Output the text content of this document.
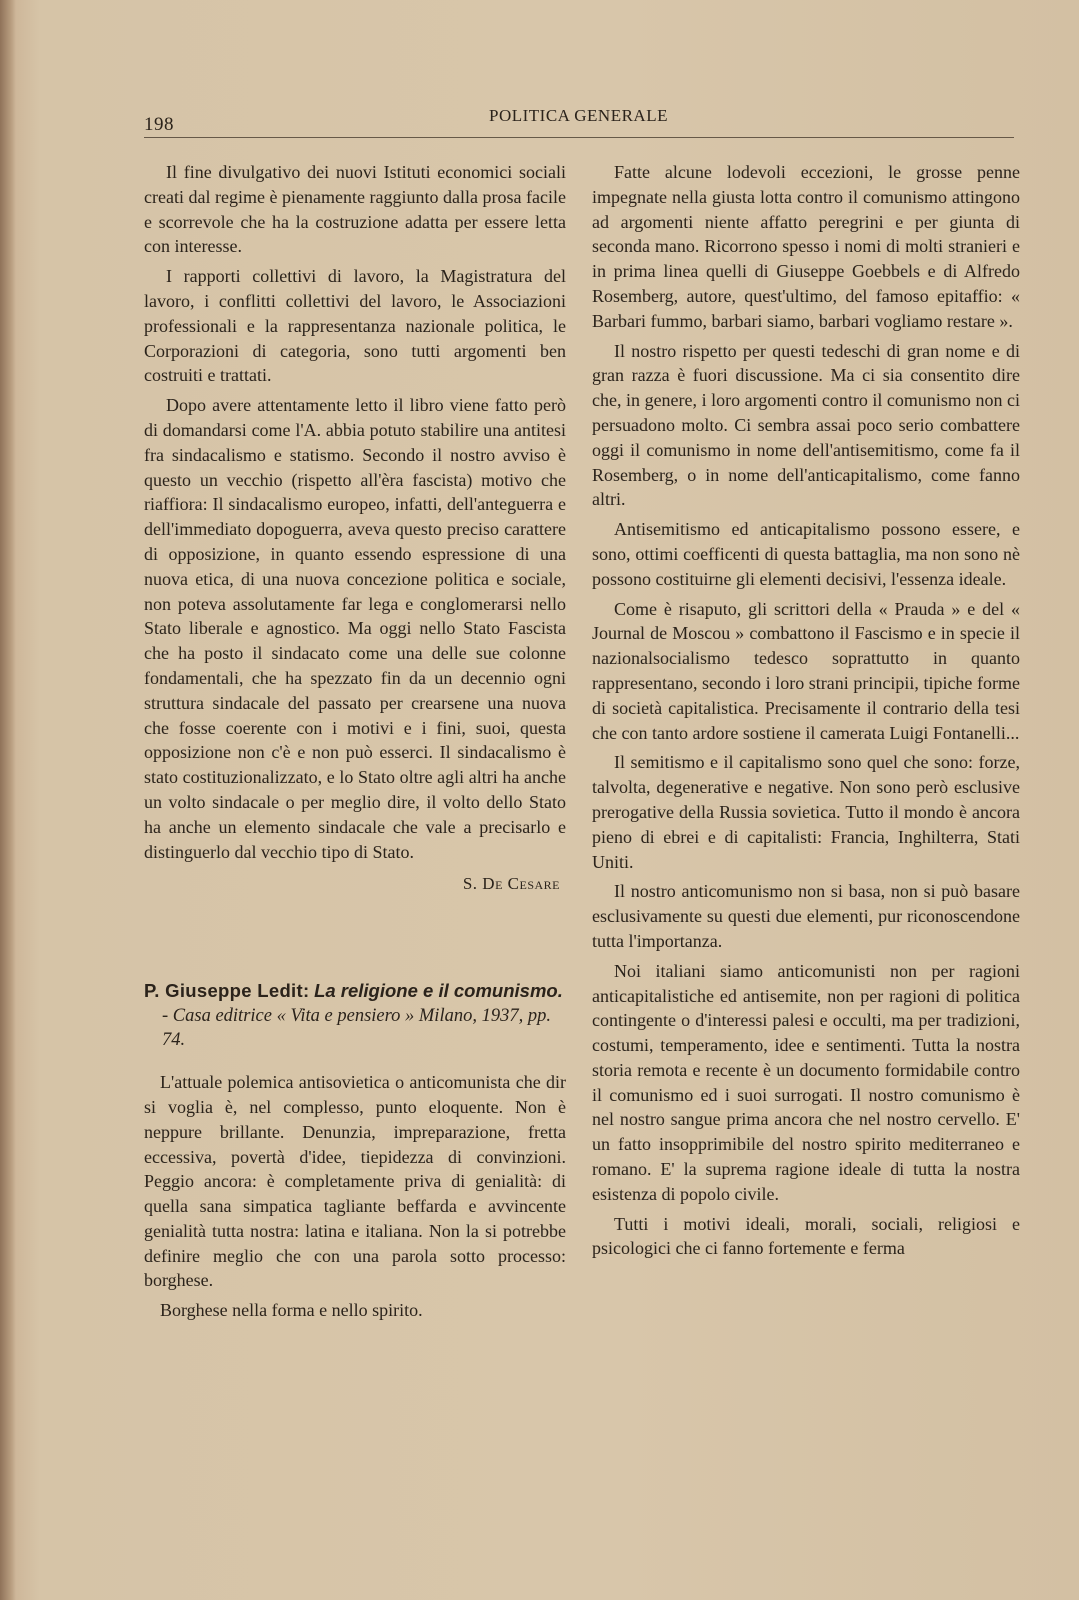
198	POLITICA GENERALE

Il fine divulgativo dei nuovi Istituti economici sociali creati dal regime è pienamente raggiunto dalla prosa facile e scorrevole che ha la costruzione adatta per essere letta con interesse.

I rapporti collettivi di lavoro, la Magistratura del lavoro, i conflitti collettivi del lavoro, le Associazioni professionali e la rappresentanza nazionale politica, le Corporazioni di categoria, sono tutti argomenti ben costruiti e trattati.

Dopo avere attentamente letto il libro viene fatto però di domandarsi come l'A. abbia potuto stabilire una antitesi fra sindacalismo e statismo. Secondo il nostro avviso è questo un vecchio (rispetto all'èra fascista) motivo che riaffiora: Il sindacalismo europeo, infatti, dell'anteguerra e dell'immediato dopoguerra, aveva questo preciso carattere di opposizione, in quanto essendo espressione di una nuova etica, di una nuova concezione politica e sociale, non poteva assolutamente far lega e conglomerarsi nello Stato liberale e agnostico. Ma oggi nello Stato Fascista che ha posto il sindacato come una delle sue colonne fondamentali, che ha spezzato fin da un decennio ogni struttura sindacale del passato per crearsene una nuova che fosse coerente con i motivi e i fini, suoi, questa opposizione non c'è e non può esserci. Il sindacalismo è stato costituzionalizzato, e lo Stato oltre agli altri ha anche un volto sindacale o per meglio dire, il volto dello Stato ha anche un elemento sindacale che vale a precisarlo e distinguerlo dal vecchio tipo di Stato.

S. De Cesare
P. Giuseppe Ledit: La religione e il comunismo. - Casa editrice « Vita e pensiero » Milano, 1937, pp. 74.

L'attuale polemica antisovietica o anticomunista che dir si voglia è, nel complesso, punto eloquente. Non è neppure brillante. Denunzia, impreparazione, fretta eccessiva, povertà d'idee, tiepidezza di convinzioni. Peggio ancora: è completamente priva di genialità: di quella sana simpatica tagliante beffarda e avvincente genialità tutta nostra: latina e italiana. Non la si potrebbe definire meglio che con una parola sotto processo: borghese.

Borghese nella forma e nello spirito.

Fatte alcune lodevoli eccezioni, le grosse penne impegnate nella giusta lotta contro il comunismo attingono ad argomenti niente affatto peregrini e per giunta di seconda mano. Ricorrono spesso i nomi di molti stranieri e in prima linea quelli di Giuseppe Goebbels e di Alfredo Rosemberg, autore, quest'ultimo, del famoso epitaffio: « Barbari fummo, barbari siamo, barbari vogliamo restare ».

Il nostro rispetto per questi tedeschi di gran nome e di gran razza è fuori discussione. Ma ci sia consentito dire che, in genere, i loro argomenti contro il comunismo non ci persuadono molto. Ci sembra assai poco serio combattere oggi il comunismo in nome dell'antisemitismo, come fa il Rosemberg, o in nome dell'anticapitalismo, come fanno altri.

Antisemitismo ed anticapitalismo possono essere, e sono, ottimi coefficenti di questa battaglia, ma non sono nè possono costituirne gli elementi decisivi, l'essenza ideale.

Come è risaputo, gli scrittori della « Prauda » e del « Journal de Moscou » combattono il Fascismo e in specie il nazionalsocialismo tedesco soprattutto in quanto rappresentano, secondo i loro strani principii, tipiche forme di società capitalistica. Precisamente il contrario della tesi che con tanto ardore sostiene il camerata Luigi Fontanelli...

Il semitismo e il capitalismo sono quel che sono: forze, talvolta, degenerative e negative. Non sono però esclusive prerogative della Russia sovietica. Tutto il mondo è ancora pieno di ebrei e di capitalisti: Francia, Inghilterra, Stati Uniti.

Il nostro anticomunismo non si basa, non si può basare esclusivamente su questi due elementi, pur riconoscendone tutta l'importanza.

Noi italiani siamo anticomunisti non per ragioni anticapitalistiche ed antisemite, non per ragioni di politica contingente o d'interessi palesi e occulti, ma per tradizioni, costumi, temperamento, idee e sentimenti. Tutta la nostra storia remota e recente è un documento formidabile contro il comunismo ed i suoi surrogati. Il nostro comunismo è nel nostro sangue prima ancora che nel nostro cervello. E' un fatto insopprimibile del nostro spirito mediterraneo e romano. E' la suprema ragione ideale di tutta la nostra esistenza di popolo civile.

Tutti i motivi ideali, morali, sociali, religiosi e psicologici che ci fanno fortemente e ferma
